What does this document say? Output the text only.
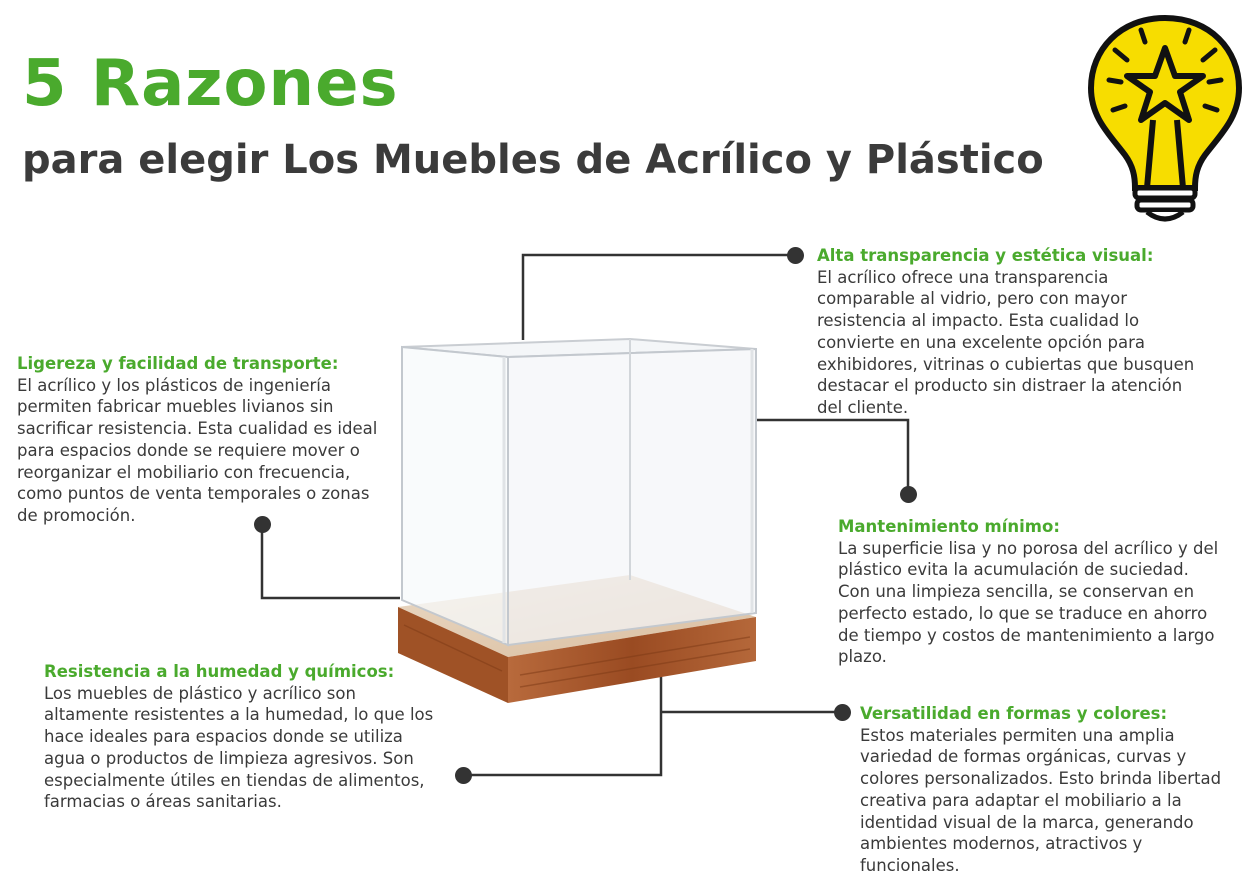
5 Razones
para elegir Los Muebles de Acrílico y Plástico
Alta transparencia y estética visual:
El acrílico ofrece una transparencia
comparable al vidrio, pero con mayor
resistencia al impacto. Esta cualidad lo
convierte en una excelente opción para
exhibidores, vitrinas o cubiertas que busquen
destacar el producto sin distraer la atención
del cliente.
Ligereza y facilidad de transporte:
El acrílico y los plásticos de ingeniería
permiten fabricar muebles livianos sin
sacrificar resistencia. Esta cualidad es ideal
para espacios donde se requiere mover o
reorganizar el mobiliario con frecuencia,
como puntos de venta temporales o zonas
de promoción.
Mantenimiento mínimo:
La superficie lisa y no porosa del acrílico y del
plástico evita la acumulación de suciedad.
Con una limpieza sencilla, se conservan en
perfecto estado, lo que se traduce en ahorro
de tiempo y costos de mantenimiento a largo
plazo.
Resistencia a la humedad y químicos:
Los muebles de plástico y acrílico son
altamente resistentes a la humedad, lo que los
hace ideales para espacios donde se utiliza
agua o productos de limpieza agresivos. Son
especialmente útiles en tiendas de alimentos,
farmacias o áreas sanitarias.
Versatilidad en formas y colores:
Estos materiales permiten una amplia
variedad de formas orgánicas, curvas y
colores personalizados. Esto brinda libertad
creativa para adaptar el mobiliario a la
identidad visual de la marca, generando
ambientes modernos, atractivos y
funcionales.
